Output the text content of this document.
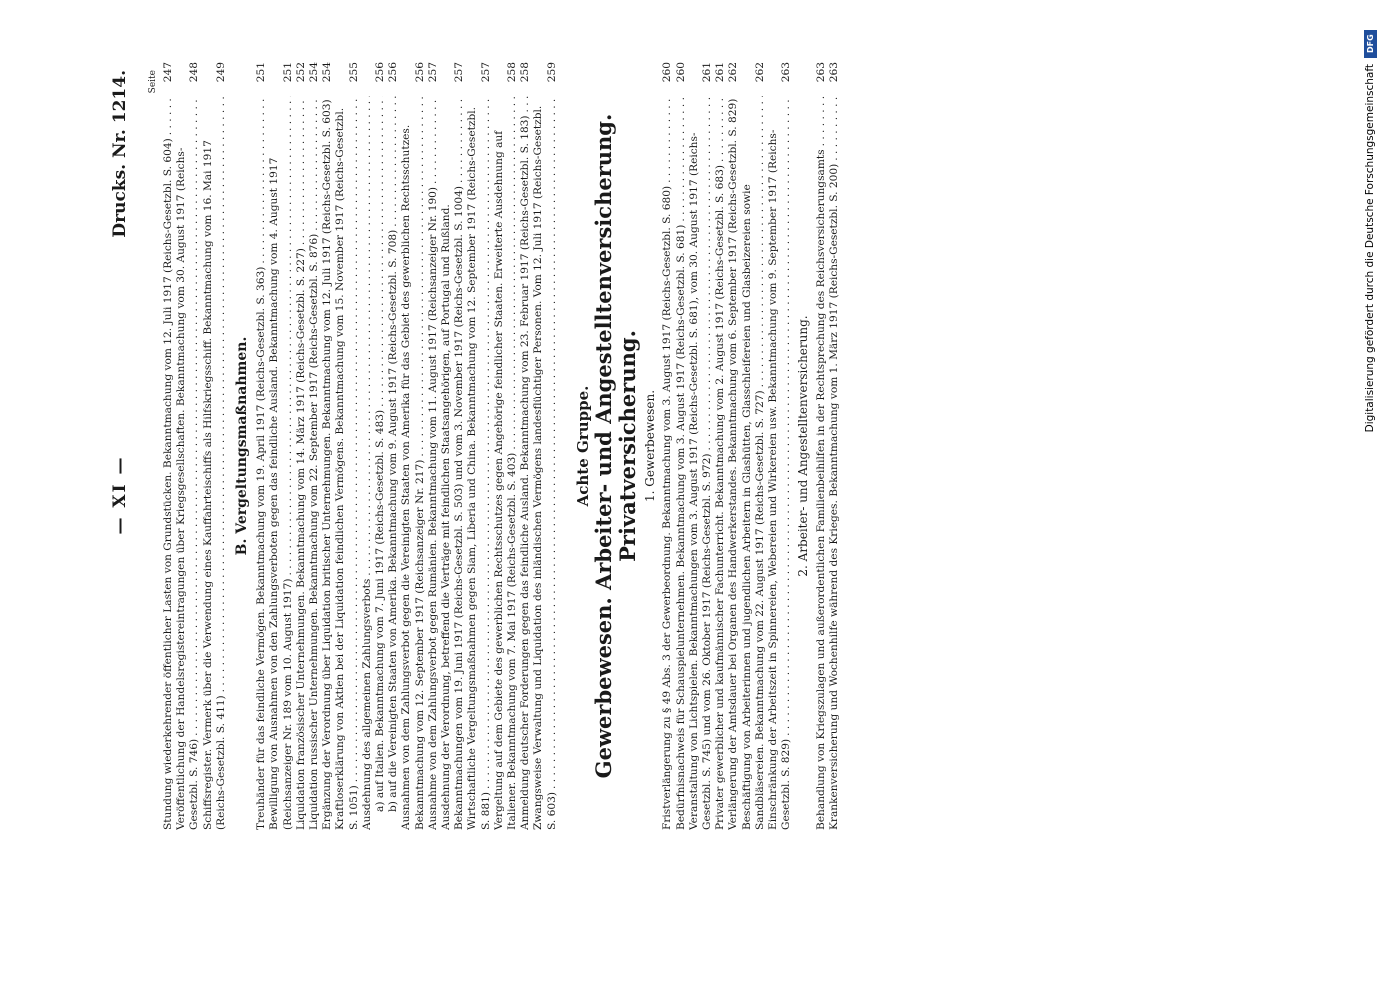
— XI —
Drucks. Nr. 1214. Seite
Stundung wiederkehrender öffentlicher Lasten von Grundstücken. Bekanntmachung vom 12. Juli 1917 (Reichs-Gesetzbl. S. 604) . . .
247
Veröffentlichung der Handelsregistereintragungen über Kriegsgesellschaften. Bekanntmachung vom 30. August 1917 (Reichs-Gesetzbl. S. 746) . . .
248
Schiffsregister. Vermerk über die Verwendung eines Kauffahrteischiffs als Hilfskriegsschiff. Bekanntmachung vom 16. Mai 1917 (Reichs-Gesetzbl. S. 411) . . .
249
B. Vergeltungsmaßnahmen. Treuhänder für das feindliche Vermögen. Bekanntmachung vom 19. April 1917 (Reichs-Gesetzbl. S. 363) . . .
251
Bewilligung von Ausnahmen von den Zahlungsverboten gegen das feindliche Ausland. Bekanntmachung vom 4. August 1917 (Reichsanzeiger Nr. 189 vom 10. August 1917) . . .
251
Liquidation französischer Unternehmungen. Bekanntmachung vom 14. März 1917 (Reichs-Gesetzbl. S. 227) . . .
252
Liquidation russischer Unternehmungen. Bekanntmachung vom 22. September 1917 (Reichs-Gesetzbl. S. 876) . . .
254
Ergänzung der Verordnung über Liquidation britischer Unternehmungen. Bekanntmachung vom 12. Juli 1917 (Reichs-Gesetzbl. S. 603) . . .
254
Kraftloserklärung von Aktien bei der Liquidation feindlichen Vermögens. Bekanntmachung vom 15. November 1917 (Reichs-Gesetzbl. S. 1051) . . .
255
Ausdehnung des allgemeinen Zahlungsverbots . . . a) auf Italien. Bekanntmachung vom 7. Juni 1917 (Reichs-Gesetzbl. S. 483) . . .
256
b) auf die Vereinigten Staaten von Amerika. Bekanntmachung vom 9. August 1917 (Reichs-Gesetzbl. S. 708) . . .
256
Ausnahmen von dem Zahlungsverbot gegen die Vereinigten Staaten von Amerika für das Gebiet des gewerblichen Rechtsschutzes. Bekanntmachung vom 12. September 1917 (Reichsanzeiger Nr. 217) . . .
256
Ausnahme von dem Zahlungsverbot gegen Rumänien. Bekanntmachung vom 11. August 1917 (Reichsanzeiger Nr. 190) . . .
257
Ausdehnung der Verordnung, betreffend die Verträge mit feindlichen Staatsangehörigen, auf Portugal und Rußland. Bekanntmachungen vom 19. Juni 1917 (Reichs-Gesetzbl. S. 503) und vom 3. November 1917 (Reichs-Gesetzbl. S. 1004) . . .
257
Wirtschaftliche Vergeltungsmaßnahmen gegen Siam, Liberia und China. Bekanntmachung vom 12. September 1917 (Reichs-Gesetzbl. S. 881) . . .
257
Vergeltung auf dem Gebiete des gewerblichen Rechtsschutzes gegen Angehörige feindlicher Staaten. Erweiterte Ausdehnung auf Italiener. Bekanntmachung vom 7. Mai 1917 (Reichs-Gesetzbl. S. 403) . . .
258
Anmeldung deutscher Forderungen gegen das feindliche Ausland. Bekanntmachung vom 23. Februar 1917 (Reichs-Gesetzbl. S. 183) . . .
258
Zwangsweise Verwaltung und Liquidation des inländischen Vermögens landesflüchtiger Personen. Vom 12. Juli 1917 (Reichs-Gesetzbl. S. 603) . . .
259
Achte Gruppe. Gewerbewesen. Arbeiter- und Angestelltenversicherung. Privatversicherung. 1. Gewerbewesen. Fristverlängerung zu § 49 Abs. 3 der Gewerbeordnung. Bekanntmachung vom 3. August 1917 (Reichs-Gesetzbl. S. 680) . . .
260
Bedürfnisnachweis für Schauspielunternehmen. Bekanntmachung vom 3. August 1917 (Reichs-Gesetzbl. S. 681) . . .
260
Veranstaltung von Lichtspielen. Bekanntmachungen vom 3. August 1917 (Reichs-Gesetzbl. S. 681), vom 30. August 1917 (Reichs-Gesetzbl. S. 745) und vom 26. Oktober 1917 (Reichs-Gesetzbl. S. 972) . . .
261
Privater gewerblicher und kaufmännischer Fachunterricht. Bekanntmachung vom 2. August 1917 (Reichs-Gesetzbl. S. 683) . . .
261
Verlängerung der Amtsdauer bei Organen des Handwerkerstandes. Bekanntmachung vom 6. September 1917 (Reichs-Gesetzbl. S. 829) . . .
262
Beschäftigung von Arbeiterinnen und jugendlichen Arbeitern in Glashütten, Glasschleifereien und Glasbeizereien sowie Sandbläsereien. Bekanntmachung vom 22. August 1917 (Reichs-Gesetzbl. S. 727) . . .
262
Einschränkung der Arbeitszeit in Spinnereien, Webereien und Wirkereien usw. Bekanntmachung vom 9. September 1917 (Reichs-Gesetzbl. S. 829) . . .
263
2. Arbeiter- und Angestelltenversicherung. Behandlung von Kriegszulagen und außerordentlichen Familienbeihilfen in der Rechtsprechung des Reichsversicherungsamts . . .
263
Krankenversicherung und Wochenhilfe während des Krieges. Bekanntmachung vom 1. März 1917 (Reichs-Gesetzbl. S. 200) . . .
263
DFG
Digitalisierung gefördert durch die Deutsche Forschungsgemeinschaft
